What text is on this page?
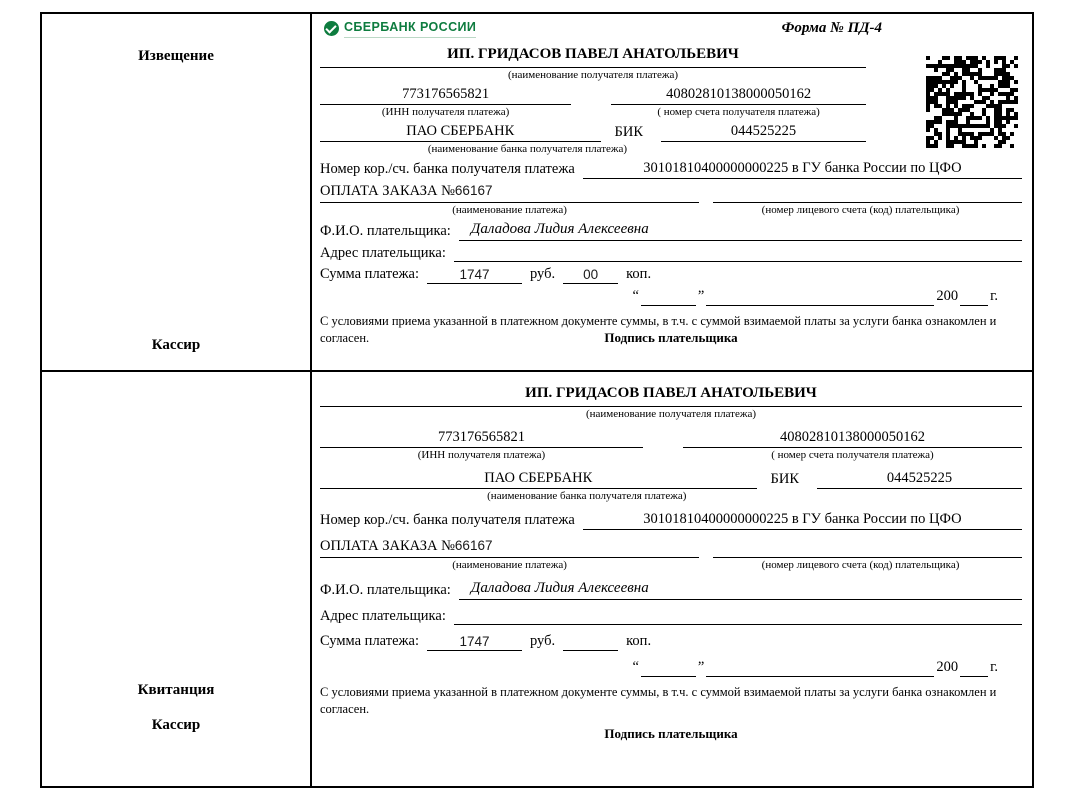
Извещение
Кассир
СБЕРБАНК РОССИИ	Форма № ПД-4
ИП. ГРИДАСОВ ПАВЕЛ АНАТОЛЬЕВИЧ
(наименование получателя платежа)
773176565821	40802810138000050162
(ИНН получателя платежа)	( номер счета получателя платежа)
ПАО СБЕРБАНК	БИК	044525225
(наименование банка получателя платежа)
Номер кор./сч. банка получателя платежа	30101810400000000225 в ГУ банка России по ЦФО
ОПЛАТА ЗАКАЗА №66167
(наименование платежа)	(номер лицевого счета (код) плательщика)
Ф.И.О. плательщика:	Даладова Лидия Алексеевна
Адрес плательщика:
Сумма платежа:	1747	руб.	00	коп.
“	”	200 г.
С условиями приема указанной в платежном документе суммы, в т.ч. с суммой взимаемой платы за услуги банка ознакомлен и согласен.	Подпись плательщика
Квитанция
Кассир
ИП. ГРИДАСОВ ПАВЕЛ АНАТОЛЬЕВИЧ
(наименование получателя платежа)
773176565821	40802810138000050162
(ИНН получателя платежа)	( номер счета получателя платежа)
ПАО СБЕРБАНК	БИК	044525225
(наименование банка получателя платежа)
Номер кор./сч. банка получателя платежа	30101810400000000225 в ГУ банка России по ЦФО
ОПЛАТА ЗАКАЗА №66167
(наименование платежа)	(номер лицевого счета (код) плательщика)
Ф.И.О. плательщика:	Даладова Лидия Алексеевна
Адрес плательщика:
Сумма платежа:	1747	руб.	коп.
“	”	200 г.
С условиями приема указанной в платежном документе суммы, в т.ч. с суммой взимаемой платы за услуги банка ознакомлен и согласен.
Подпись плательщика
